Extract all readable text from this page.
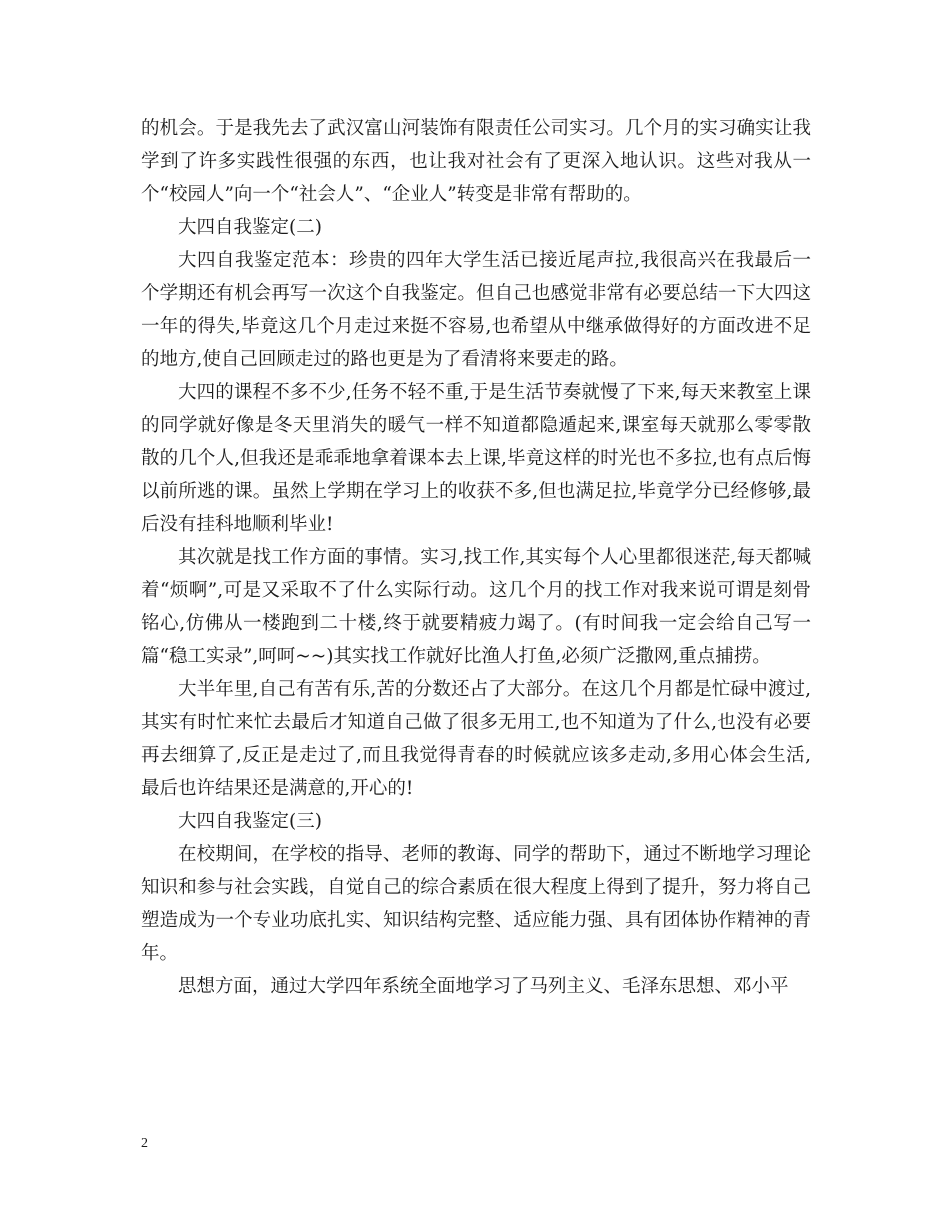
的机会。于是我先去了武汉富山河装饰有限责任公司实习。几个月的实习确实让我学到了许多实践性很强的东西，也让我对社会有了更深入地认识。这些对我从一个“校园人”向一个“社会人”、“企业人”转变是非常有帮助的。

大四自我鉴定(二)

大四自我鉴定范本：珍贵的四年大学生活已接近尾声拉,我很高兴在我最后一个学期还有机会再写一次这个自我鉴定。但自己也感觉非常有必要总结一下大四这一年的得失,毕竟这几个月走过来挺不容易,也希望从中继承做得好的方面改进不足的地方,使自己回顾走过的路也更是为了看清将来要走的路。

大四的课程不多不少,任务不轻不重,于是生活节奏就慢了下来,每天来教室上课的同学就好像是冬天里消失的暖气一样不知道都隐遁起来,课室每天就那么零零散散的几个人,但我还是乖乖地拿着课本去上课,毕竟这样的时光也不多拉,也有点后悔以前所逃的课。虽然上学期在学习上的收获不多,但也满足拉,毕竟学分已经修够,最后没有挂科地顺利毕业!

其次就是找工作方面的事情。实习,找工作,其实每个人心里都很迷茫,每天都喊着“烦啊”,可是又采取不了什么实际行动。这几个月的找工作对我来说可谓是刻骨铭心,仿佛从一楼跑到二十楼,终于就要精疲力竭了。(有时间我一定会给自己写一篇“稳工实录”,呵呵~~)其实找工作就好比渔人打鱼,必须广泛撒网,重点捕捞。

大半年里,自己有苦有乐,苦的分数还占了大部分。在这几个月都是忙碌中渡过,其实有时忙来忙去最后才知道自己做了很多无用工,也不知道为了什么,也没有必要再去细算了,反正是走过了,而且我觉得青春的时候就应该多走动,多用心体会生活,最后也许结果还是满意的,开心的!

大四自我鉴定(三)

在校期间，在学校的指导、老师的教诲、同学的帮助下，通过不断地学习理论知识和参与社会实践，自觉自己的综合素质在很大程度上得到了提升，努力将自己塑造成为一个专业功底扎实、知识结构完整、适应能力强、具有团体协作精神的青年。

思想方面，通过大学四年系统全面地学习了马列主义、毛泽东思想、邓小平

2
